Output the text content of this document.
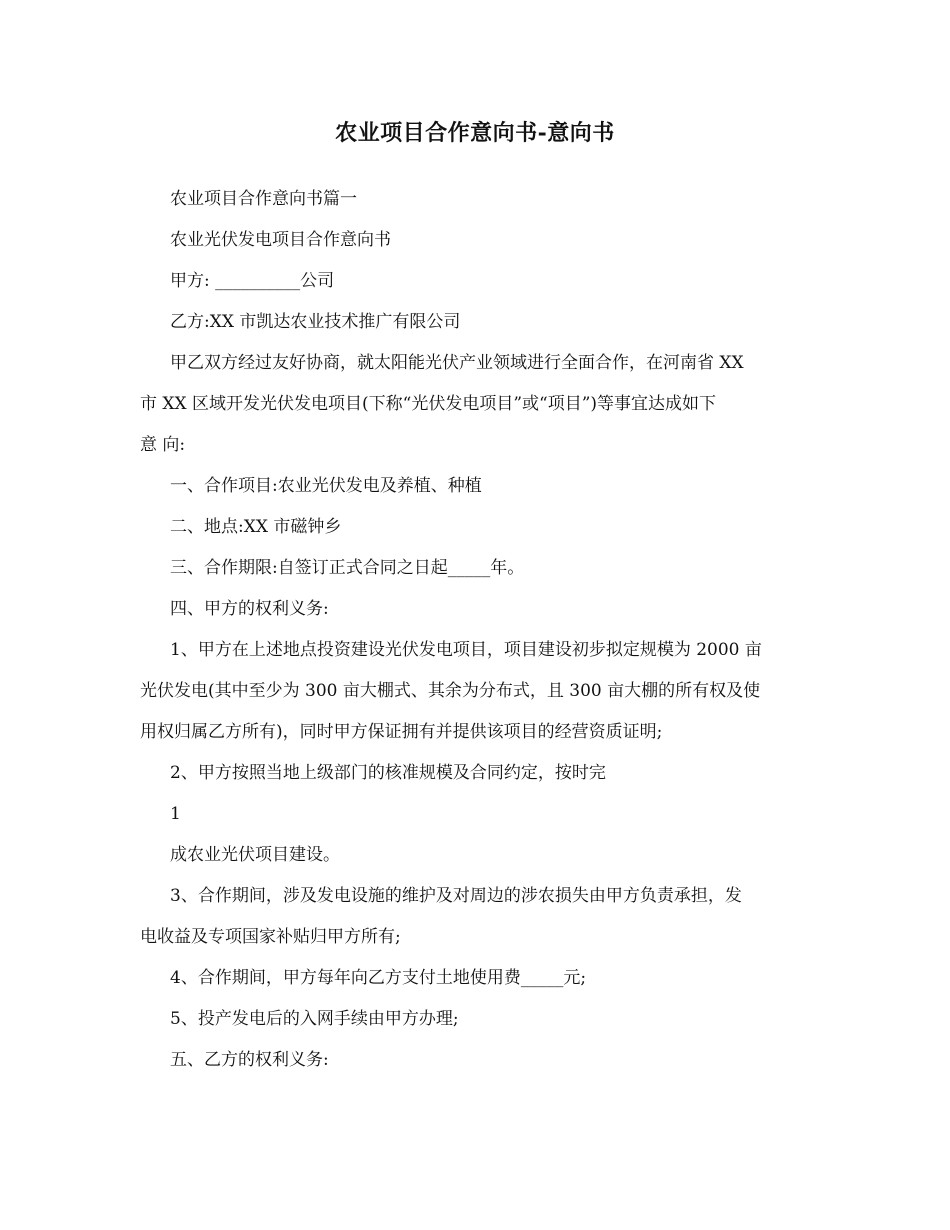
农业项目合作意向书-意向书
农业项目合作意向书篇一
农业光伏发电项目合作意向书
甲方: __________公司
乙方:XX 市凯达农业技术推广有限公司
甲乙双方经过友好协商，就太阳能光伏产业领域进行全面合作，在河南省 XX
市 XX 区域开发光伏发电项目(下称“光伏发电项目”或“项目”)等事宜达成如下
意 向:
一、合作项目:农业光伏发电及养植、种植
二、地点:XX 市磁钟乡
三、合作期限:自签订正式合同之日起_____年。
四、甲方的权利义务:
1、甲方在上述地点投资建设光伏发电项目，项目建设初步拟定规模为 2000 亩
光伏发电(其中至少为 300 亩大棚式、其余为分布式，且 300 亩大棚的所有权及使
用权归属乙方所有)，同时甲方保证拥有并提供该项目的经营资质证明;
2、甲方按照当地上级部门的核准规模及合同约定，按时完
1
成农业光伏项目建设。
3、合作期间，涉及发电设施的维护及对周边的涉农损失由甲方负责承担，发
电收益及专项国家补贴归甲方所有;
4、合作期间，甲方每年向乙方支付土地使用费_____元;
5、投产发电后的入网手续由甲方办理;
五、乙方的权利义务:
